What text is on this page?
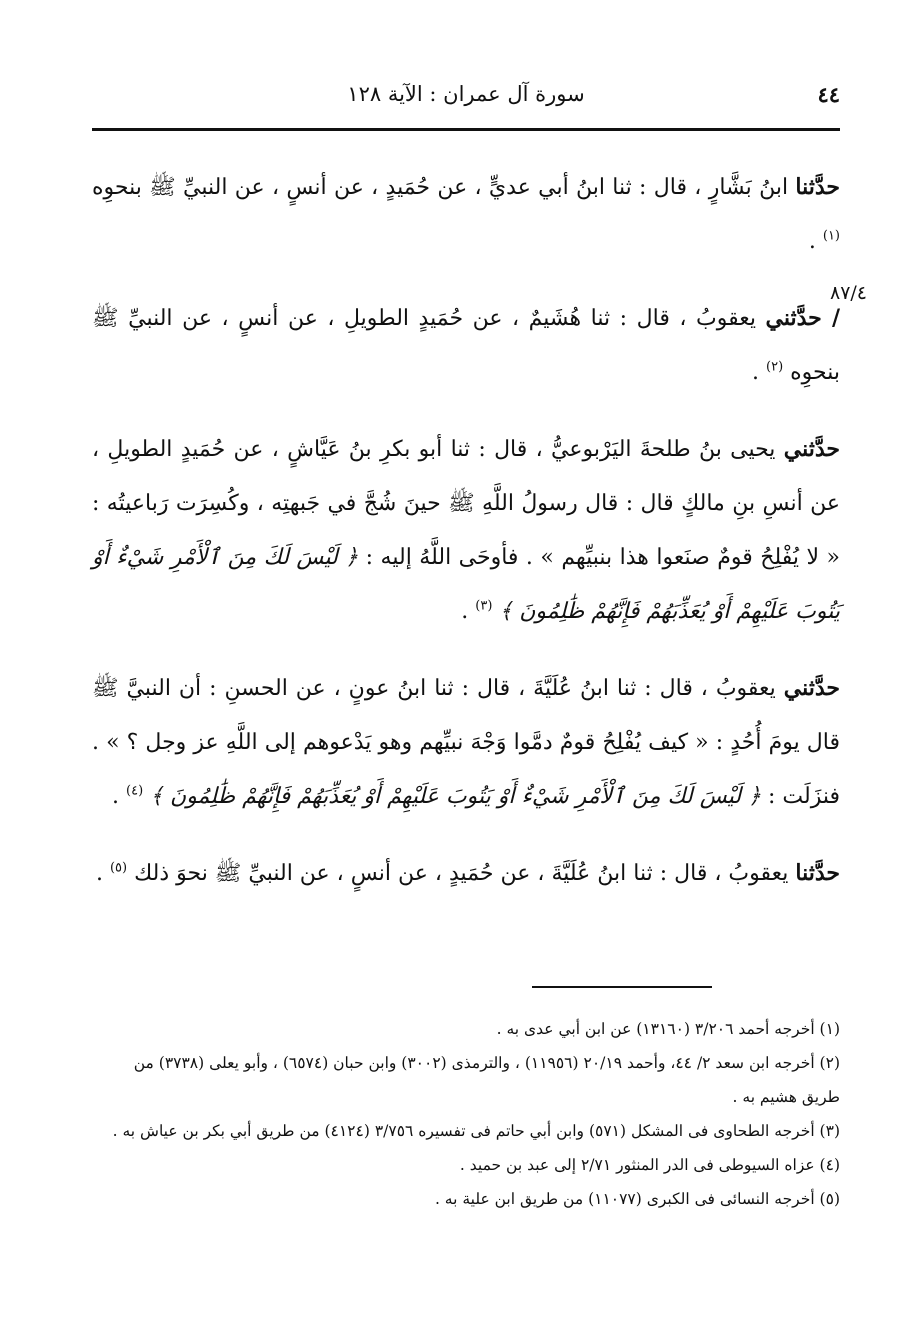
٤٤
سورة آل عمران : الآية ١٢٨
٨٧/٤

حدَّثنا ابنُ بَشَّارٍ ، قال : ثنا ابنُ أبي عديٍّ ، عن حُمَيدٍ ، عن أنسٍ ، عن النبيِّ ﷺ بنحوِه $^{(١)}$ .

/ حدَّثني يعقوبُ ، قال : ثنا هُشَيمٌ ، عن حُمَيدٍ الطويلِ ، عن أنسٍ ، عن النبيِّ ﷺ بنحوِه $^{(٢)}$ .

حدَّثني يحيى بنُ طلحةَ اليَرْبوعيُّ ، قال : ثنا أبو بكرِ بنُ عَيَّاشٍ ، عن حُمَيدٍ الطويلِ ، عن أنسِ بنِ مالكٍ قال : قال رسولُ اللَّهِ ﷺ حينَ شُجَّ في جَبهتِه ، وكُسِرَت رَباعيتُه : « لا يُفْلِحُ قومٌ صنَعوا هذا بنبيِّهم » . فأوحَى اللَّهُ إليه : ﴿ لَيْسَ لَكَ مِنَ ٱلْأَمْرِ شَيْءٌ أَوْ يَتُوبَ عَلَيْهِمْ أَوْ يُعَذِّبَهُمْ فَإِنَّهُمْ ظَٰلِمُونَ ﴾ $^{(٣)}$ .

حدَّثني يعقوبُ ، قال : ثنا ابنُ عُلَيَّةَ ، قال : ثنا ابنُ عونٍ ، عن الحسنِ : أن النبيَّ ﷺ قال يومَ أُحُدٍ : « كيف يُفْلِحُ قومٌ دمَّوا وَجْهَ نبيِّهم وهو يَدْعوهم إلى اللَّهِ عز وجل ؟ » . فنزَلَت : ﴿ لَيْسَ لَكَ مِنَ ٱلْأَمْرِ شَيْءٌ أَوْ يَتُوبَ عَلَيْهِمْ أَوْ يُعَذِّبَهُمْ فَإِنَّهُمْ ظَٰلِمُونَ ﴾ $^{(٤)}$ .

حدَّثنا يعقوبُ ، قال : ثنا ابنُ عُلَيَّةَ ، عن حُمَيدٍ ، عن أنسٍ ، عن النبيِّ ﷺ نحوَ ذلك $^{(٥)}$ .

(١) أخرجه أحمد ٣/٢٠٦ (١٣١٦٠) عن ابن أبي عدى به .

(٢) أخرجه ابن سعد ٢/ ٤٤، وأحمد ٢٠/١٩ (١١٩٥٦) ، والترمذى (٣٠٠٢) وابن حبان (٦٥٧٤) ، وأبو يعلى (٣٧٣٨) من طريق هشيم به .

(٣) أخرجه الطحاوى فى المشكل (٥٧١) وابن أبي حاتم فى تفسيره ٣/٧٥٦ (٤١٢٤) من طريق أبي بكر بن عياش به .

(٤) عزاه السيوطى فى الدر المنثور ٢/٧١ إلى عبد بن حميد .

(٥) أخرجه النسائى فى الكبرى (١١٠٧٧) من طريق ابن علية به .
